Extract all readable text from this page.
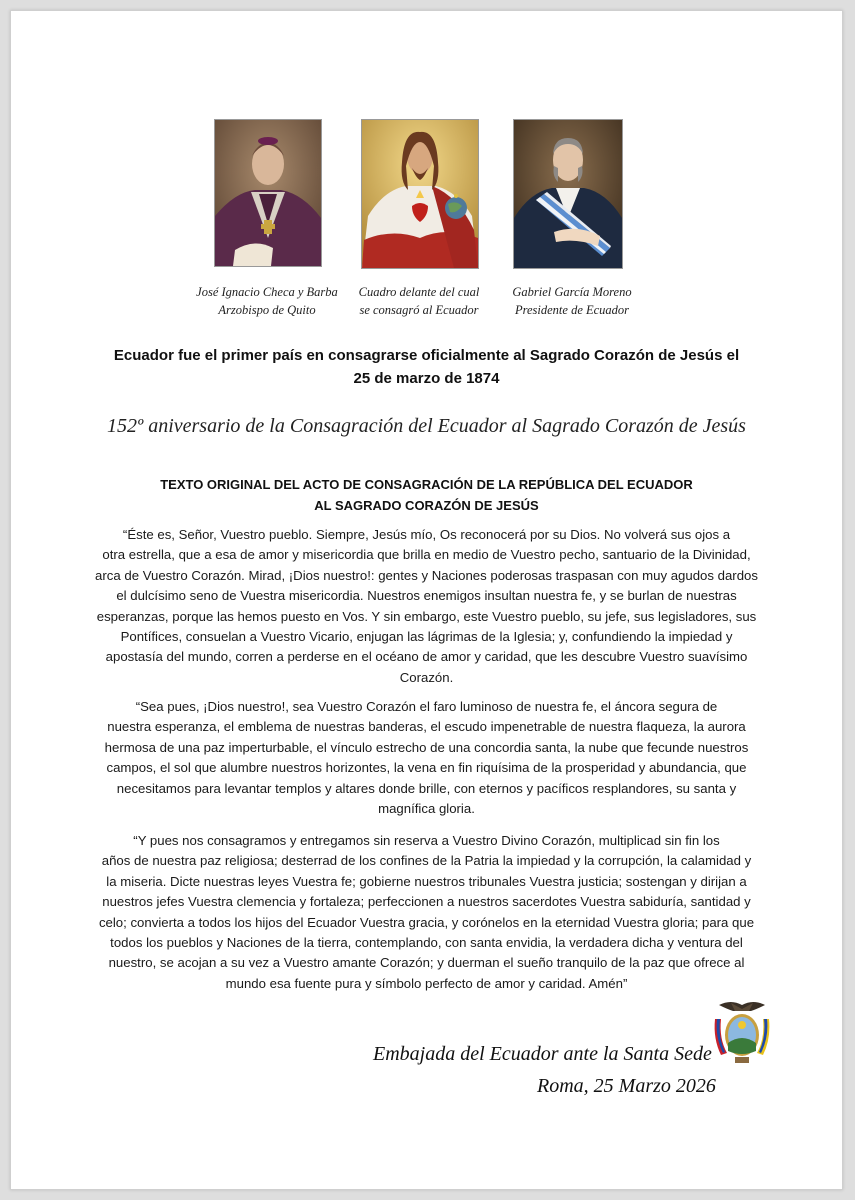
José Ignacio Checa y Barba
Arzobispo de Quito
Cuadro delante del cual
se consagró al Ecuador
Gabriel García Moreno
Presidente de Ecuador
Ecuador fue el primer país en consagrarse oficialmente al Sagrado Corazón de Jesús el
25 de marzo de 1874
152º aniversario de la Consagración del Ecuador al Sagrado Corazón de Jesús
TEXTO ORIGINAL DEL ACTO DE CONSAGRACIÓN DE LA REPÚBLICA DEL ECUADOR
AL SAGRADO CORAZÓN DE JESÚS
“Éste es, Señor, Vuestro pueblo. Siempre, Jesús mío, Os reconocerá por su Dios. No volverá sus ojos a
otra estrella, que a esa de amor y misericordia que brilla en medio de Vuestro pecho, santuario de la Divinidad,
arca de Vuestro Corazón. Mirad, ¡Dios nuestro!: gentes y Naciones poderosas traspasan con muy agudos dardos
el dulcísimo seno de Vuestra misericordia. Nuestros enemigos insultan nuestra fe, y se burlan de nuestras
esperanzas, porque las hemos puesto en Vos. Y sin embargo, este Vuestro pueblo, su jefe, sus legisladores, sus
Pontífices, consuelan a Vuestro Vicario, enjugan las lágrimas de la Iglesia; y, confundiendo la impiedad y
apostasía del mundo, corren a perderse en el océano de amor y caridad, que les descubre Vuestro suavísimo
Corazón.
“Sea pues, ¡Dios nuestro!, sea Vuestro Corazón el faro luminoso de nuestra fe, el áncora segura de
nuestra esperanza, el emblema de nuestras banderas, el escudo impenetrable de nuestra flaqueza, la aurora
hermosa de una paz imperturbable, el vínculo estrecho de una concordia santa, la nube que fecunde nuestros
campos, el sol que alumbre nuestros horizontes, la vena en fin riquísima de la prosperidad y abundancia, que
necesitamos para levantar templos y altares donde brille, con eternos y pacíficos resplandores, su santa y
magnífica gloria.
“Y pues nos consagramos y entregamos sin reserva a Vuestro Divino Corazón, multiplicad sin fin los
años de nuestra paz religiosa; desterrad de los confines de la Patria la impiedad y la corrupción, la calamidad y
la miseria. Dicte nuestras leyes Vuestra fe; gobierne nuestros tribunales Vuestra justicia; sostengan y dirijan a
nuestros jefes Vuestra clemencia y fortaleza; perfeccionen a nuestros sacerdotes Vuestra sabiduría, santidad y
celo; convierta a todos los hijos del Ecuador Vuestra gracia, y corónelos en la eternidad Vuestra gloria; para que
todos los pueblos y Naciones de la tierra, contemplando, con santa envidia, la verdadera dicha y ventura del
nuestro, se acojan a su vez a Vuestro amante Corazón; y duerman el sueño tranquilo de la paz que ofrece al
mundo esa fuente pura y símbolo perfecto de amor y caridad. Amén”
Embajada del Ecuador ante la Santa Sede
Roma, 25 Marzo 2026
